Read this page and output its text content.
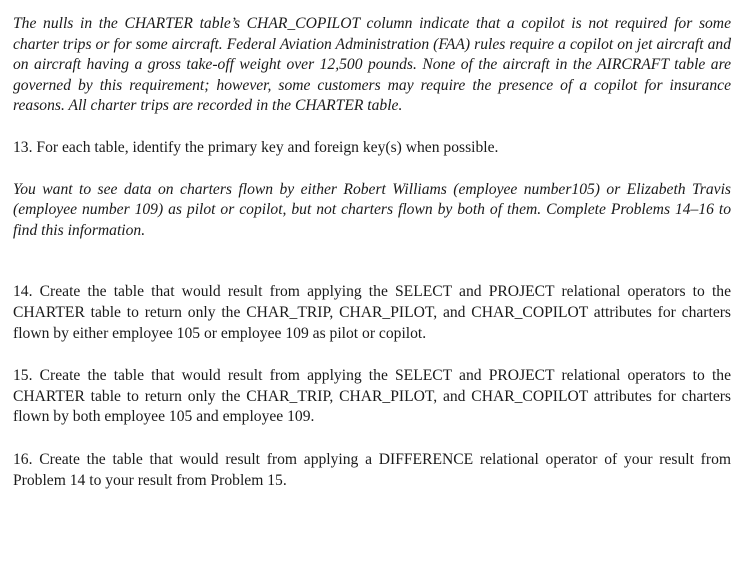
The nulls in the CHARTER table’s CHAR_COPILOT column indicate that a copilot is not required for some charter trips or for some aircraft. Federal Aviation Administration (FAA) rules require a copilot on jet aircraft and on aircraft having a gross take-off weight over 12,500 pounds. None of the aircraft in the AIRCRAFT table are governed by this requirement; however, some customers may require the presence of a copilot for insurance reasons. All charter trips are recorded in the CHARTER table.

13. For each table, identify the primary key and foreign key(s) when possible.

You want to see data on charters flown by either Robert Williams (employee number105) or Elizabeth Travis (employee number 109) as pilot or copilot, but not charters flown by both of them. Complete Problems 14–16 to find this information.

14. Create the table that would result from applying the SELECT and PROJECT relational operators to the CHARTER table to return only the CHAR_TRIP, CHAR_PILOT, and CHAR_COPILOT attributes for charters flown by either employee 105 or employee 109 as pilot or copilot.

15. Create the table that would result from applying the SELECT and PROJECT relational operators to the CHARTER table to return only the CHAR_TRIP, CHAR_PILOT, and CHAR_COPILOT attributes for charters flown by both employee 105 and employee 109.

16. Create the table that would result from applying a DIFFERENCE relational operator of your result from Problem 14 to your result from Problem 15.
